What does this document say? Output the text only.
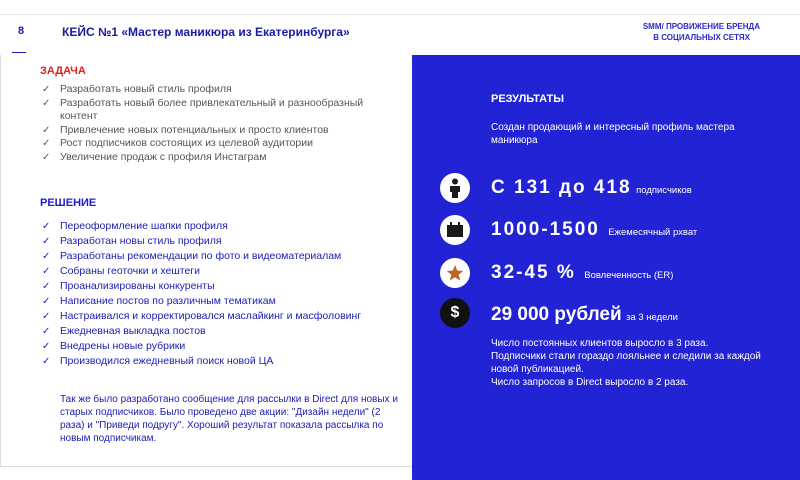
8	КЕЙС №1 «Мастер маникюра из Екатеринбурга»	SMM/ ПРОВИЖЕНИЕ БРЕНДА
В СОЦИАЛЬНЫХ СЕТЯХ
ЗАДАЧА
✓ Разработать новый стиль профиля
✓ Разработать новый более привлекательный и разнообразный контент
✓ Привлечение новых потенциальных и просто клиентов
✓ Рост подписчиков состоящих из целевой аудитории
✓ Увеличение продаж с профиля Инстаграм
РЕШЕНИЕ
✓ Переоформление шапки профиля
✓ Разработан новы стиль профиля
✓ Разработаны рекомендации по фото и видеоматериалам
✓ Собраны геоточки и хештеги
✓ Проанализированы конкуренты
✓ Написание постов по различным тематикам
✓ Настраивался и корректировался маслайкинг и масфоловинг
✓ Ежедневная выкладка постов
✓ Внедрены новые рубрики
✓ Производился ежедневный поиск новой ЦА
Так же было разработано сообщение для рассылки в Direct для новых и старых подписчиков. Было проведено две акции: "Дизайн недели" (2 раза) и "Приведи подругу". Хороший результат показала рассылка по новым подписчикам.
РЕЗУЛЬТАТЫ
Создан продающий и интересный профиль мастера маникюра
С 131 до 418 подписчиков
1000-1500 Ежемесячный рхват
32-45 % Вовлеченность (ER)
$ 29 000 рублей за 3 недели
Число постоянных клиентов выросло в 3 раза.
Подписчики стали гораздо лояльнее и следили за каждой новой публикацией.
Число запросов в Direct выросло в 2 раза.
